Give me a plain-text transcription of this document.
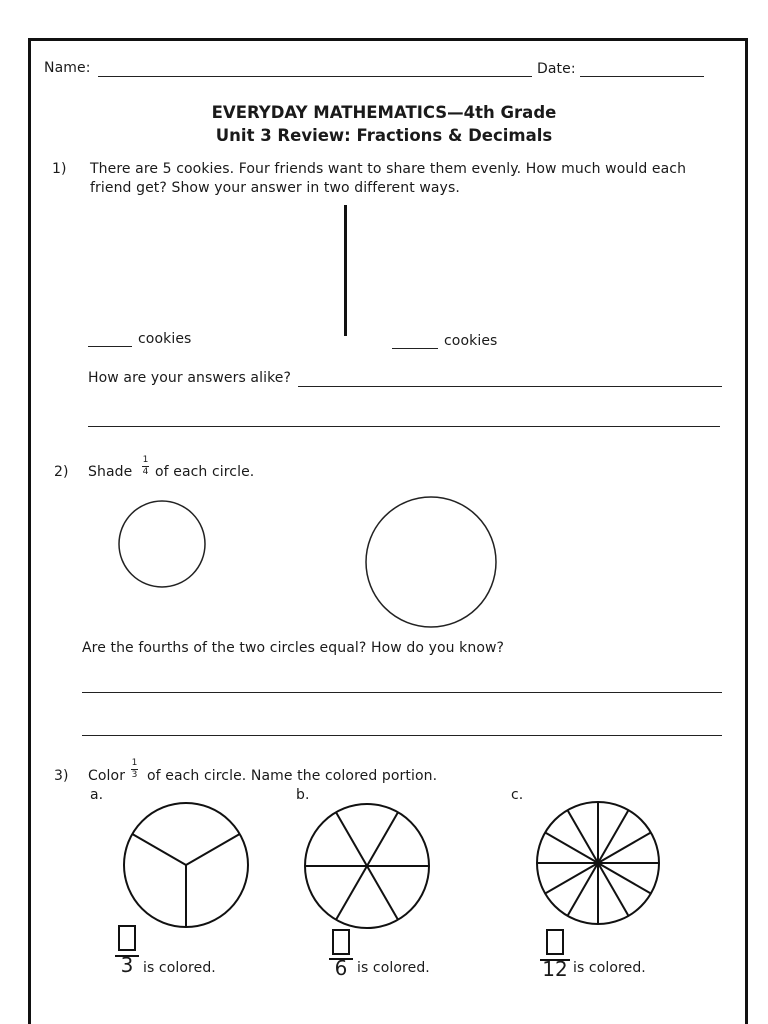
Name:	Date:
EVERYDAY MATHEMATICS—4th Grade
Unit 3 Review: Fractions & Decimals
1) There are 5 cookies. Four friends want to share them evenly. How much would each
friend get? Show your answer in two different ways.
cookies	cookies
How are your answers alike?
2) Shade
1
4 of each circle.
Are the fourths of the two circles equal? How do you know?
3) Color
1
3 of each circle. Name the colored portion.
a.	b.	c.
3 is colored.	6 is colored.	12 is colored.
